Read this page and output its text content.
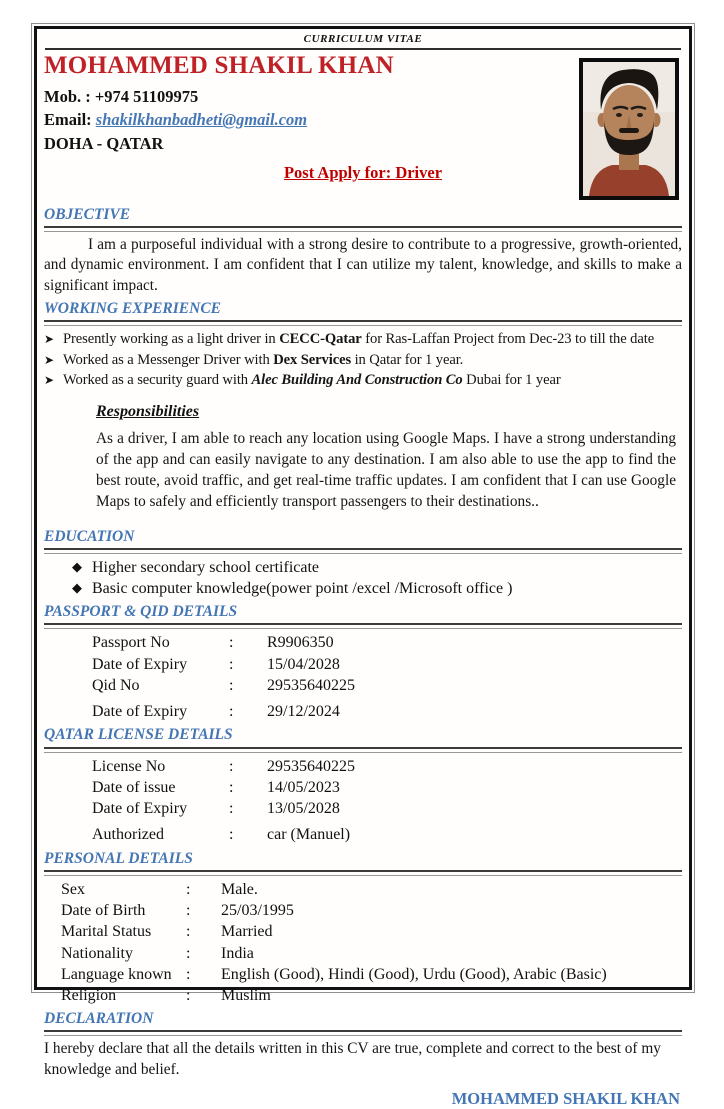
CURRICULUM VITAE
MOHAMMED SHAKIL KHAN
Mob. : +974 51109975
Email: shakilkhanbadheti@gmail.com
DOHA - QATAR
Post Apply for: Driver
OBJECTIVE
I am a purposeful individual with a strong desire to contribute to a progressive, growth-oriented, and dynamic environment. I am confident that I can utilize my talent, knowledge, and skills to make a significant impact.
WORKING EXPERIENCE
➤ Presently working as a light driver in CECC-Qatar for Ras-Laffan Project from Dec-23 to till the date
➤ Worked as a Messenger Driver with Dex Services in Qatar for 1 year.
➤ Worked as a security guard with Alec Building And Construction Co Dubai for 1 year
Responsibilities
As a driver, I am able to reach any location using Google Maps. I have a strong understanding of the app and can easily navigate to any destination. I am also able to use the app to find the best route, avoid traffic, and get real-time traffic updates. I am confident that I can use Google Maps to safely and efficiently transport passengers to their destinations..
EDUCATION
◆ Higher secondary school certificate
◆ Basic computer knowledge(power point /excel /Microsoft office )
PASSPORT & QID DETAILS
Passport No	:	R9906350
Date of Expiry	:	15/04/2028
Qid No	:	29535640225
Date of Expiry	:	29/12/2024
QATAR LICENSE DETAILS
License No	:	29535640225
Date of issue	:	14/05/2023
Date of Expiry	:	13/05/2028
Authorized	:	car (Manuel)
PERSONAL DETAILS
Sex	:	Male.
Date of Birth	:	25/03/1995
Marital Status	:	Married
Nationality	:	India
Language known :	English (Good), Hindi (Good), Urdu (Good), Arabic (Basic)
Religion	:	Muslim
DECLARATION
I hereby declare that all the details written in this CV are true, complete and correct to the best of my knowledge and belief.
MOHAMMED SHAKIL KHAN
